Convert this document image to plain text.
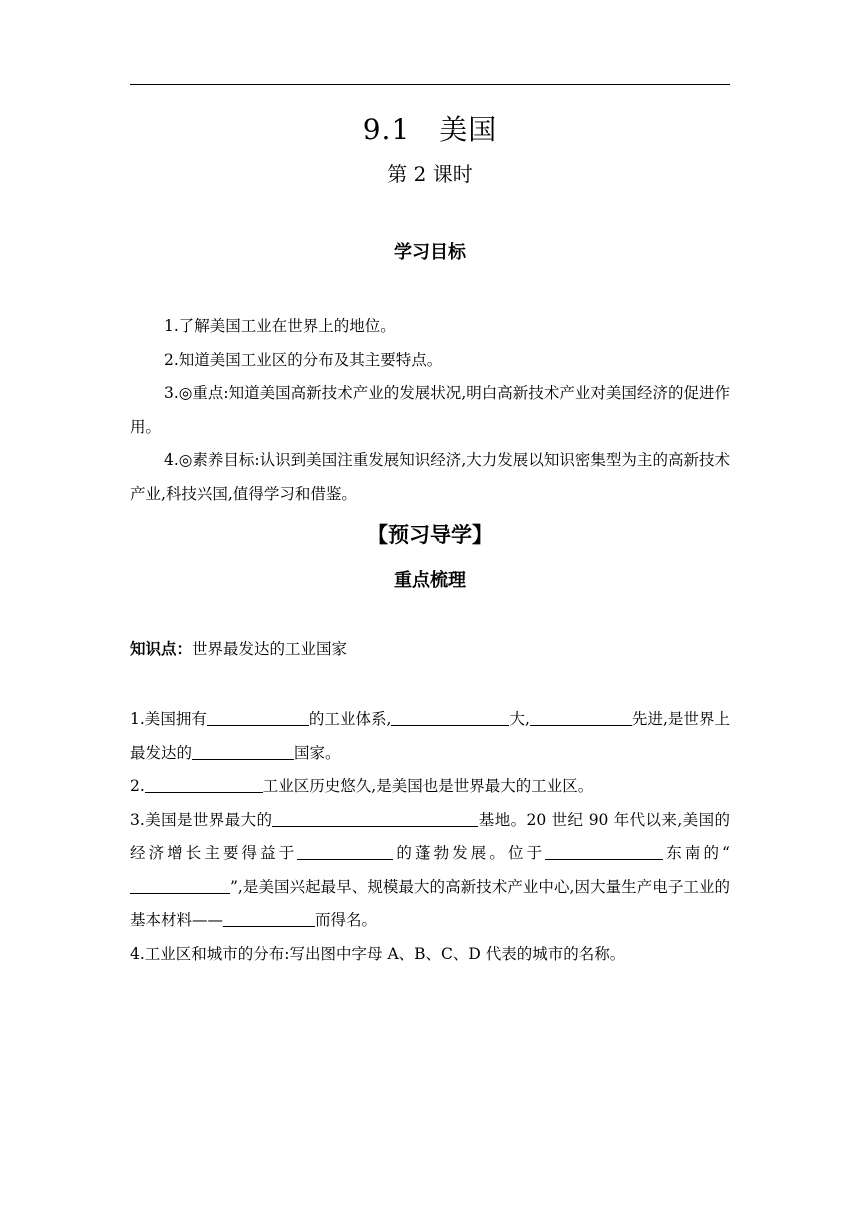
9.1　美国
第 2 课时
学习目标
1.了解美国工业在世界上的地位。
2.知道美国工业区的分布及其主要特点。
3.◎重点:知道美国高新技术产业的发展状况,明白高新技术产业对美国经济的促进作用。
4.◎素养目标:认识到美国注重发展知识经济,大力发展以知识密集型为主的高新技术产业,科技兴国,值得学习和借鉴。
【预习导学】
重点梳理
知识点：世界最发达的工业国家
1.美国拥有	的工业体系,	大,	先进,是世界上最发达的	国家。
2.	工业区历史悠久,是美国也是世界最大的工业区。
3.美国是世界最大的	基地。20 世纪 90 年代以来,美国的经济增长主要得益于	的蓬勃发展。位于	东南的“”,是美国兴起最早、规模最大的高新技术产业中心,因大量生产电子工业的基本材料——	而得名。
4.工业区和城市的分布:写出图中字母 A、B、C、D 代表的城市的名称。
